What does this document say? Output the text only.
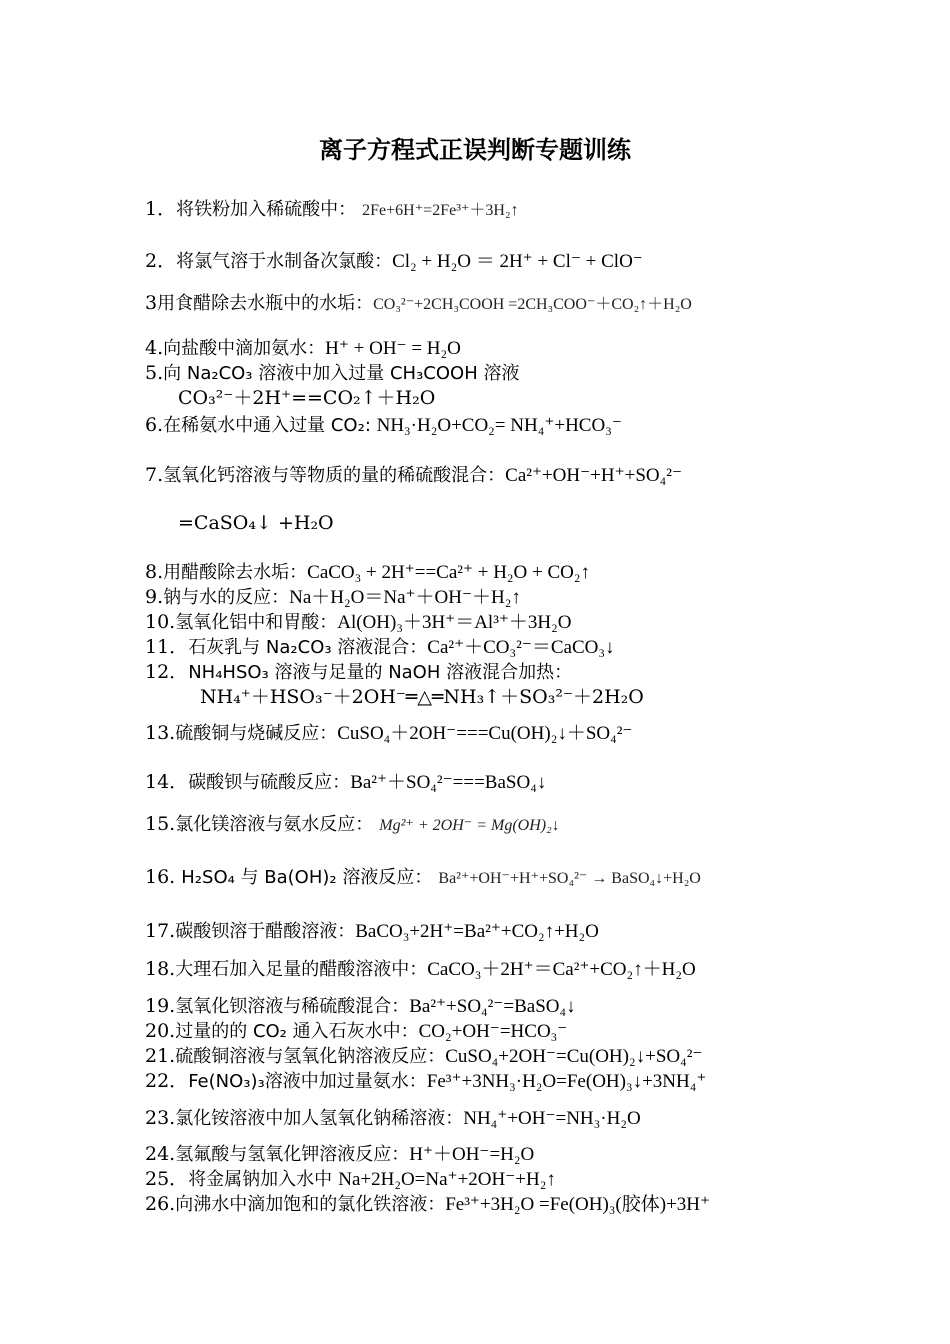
离子方程式正误判断专题训练
1．将铁粉加入稀硫酸中： 2Fe+6H⁺=2Fe³⁺＋3H₂↑
2．将氯气溶于水制备次氯酸：Cl₂ + H₂O ＝ 2H⁺ + Cl⁻ + ClO⁻
3用食醋除去水瓶中的水垢：CO₃²⁻+2CH₃COOH =2CH₃COO⁻＋CO₂↑＋H₂O
4.向盐酸中滴加氨水：H⁺ + OH⁻ = H₂O
5.向 Na₂CO₃ 溶液中加入过量 CH₃COOH 溶液
CO₃²⁻＋2H⁺==CO₂↑＋H₂O
6.在稀氨水中通入过量 CO₂: NH₃·H₂O+CO₂= NH₄⁺+HCO₃⁻
7.氢氧化钙溶液与等物质的量的稀硫酸混合：Ca²⁺+OH⁻+H⁺+SO₄²⁻
=CaSO₄↓ +H₂O
8.用醋酸除去水垢：CaCO₃ + 2H⁺==Ca²⁺ + H₂O + CO₂↑
9.钠与水的反应：Na＋H₂O＝Na⁺＋OH⁻＋H₂↑
10.氢氧化铝中和胃酸：Al(OH)₃＋3H⁺＝Al³⁺＋3H₂O
11．石灰乳与 Na₂CO₃ 溶液混合：Ca²⁺＋CO₃²⁻＝CaCO₃↓
12．NH₄HSO₃ 溶液与足量的 NaOH 溶液混合加热：
NH₄⁺＋HSO₃⁻＋2OH⁻═△═NH₃↑＋SO₃²⁻＋2H₂O
13.硫酸铜与烧碱反应：CuSO₄＋2OH⁻===Cu(OH)₂↓＋SO₄²⁻
14．碳酸钡与硫酸反应：Ba²⁺＋SO₄²⁻===BaSO₄↓
15.氯化镁溶液与氨水反应： Mg²⁺ + 2OH⁻ = Mg(OH)₂↓
16. H₂SO₄ 与 Ba(OH)₂ 溶液反应： Ba²⁺+OH⁻+H⁺+SO₄²⁻ → BaSO₄↓+H₂O
17.碳酸钡溶于醋酸溶液：BaCO₃+2H⁺=Ba²⁺+CO₂↑+H₂O
18.大理石加入足量的醋酸溶液中：CaCO₃＋2H⁺＝Ca²⁺+CO₂↑＋H₂O
19.氢氧化钡溶液与稀硫酸混合：Ba²⁺+SO₄²⁻=BaSO₄↓
20.过量的的 CO₂ 通入石灰水中：CO₂+OH⁻=HCO₃⁻
21.硫酸铜溶液与氢氧化钠溶液反应：CuSO₄+2OH⁻=Cu(OH)₂↓+SO₄²⁻
22．Fe(NO₃)₃溶液中加过量氨水：Fe³⁺+3NH₃·H₂O=Fe(OH)₃↓+3NH₄⁺
23.氯化铵溶液中加人氢氧化钠稀溶液：NH₄⁺+OH⁻=NH₃·H₂O
24.氢氟酸与氢氧化钾溶液反应：H⁺＋OH⁻=H₂O
25．将金属钠加入水中 Na+2H₂O=Na⁺+2OH⁻+H₂↑
26.向沸水中滴加饱和的氯化铁溶液：Fe³⁺+3H₂O =Fe(OH)₃(胶体)+3H⁺
